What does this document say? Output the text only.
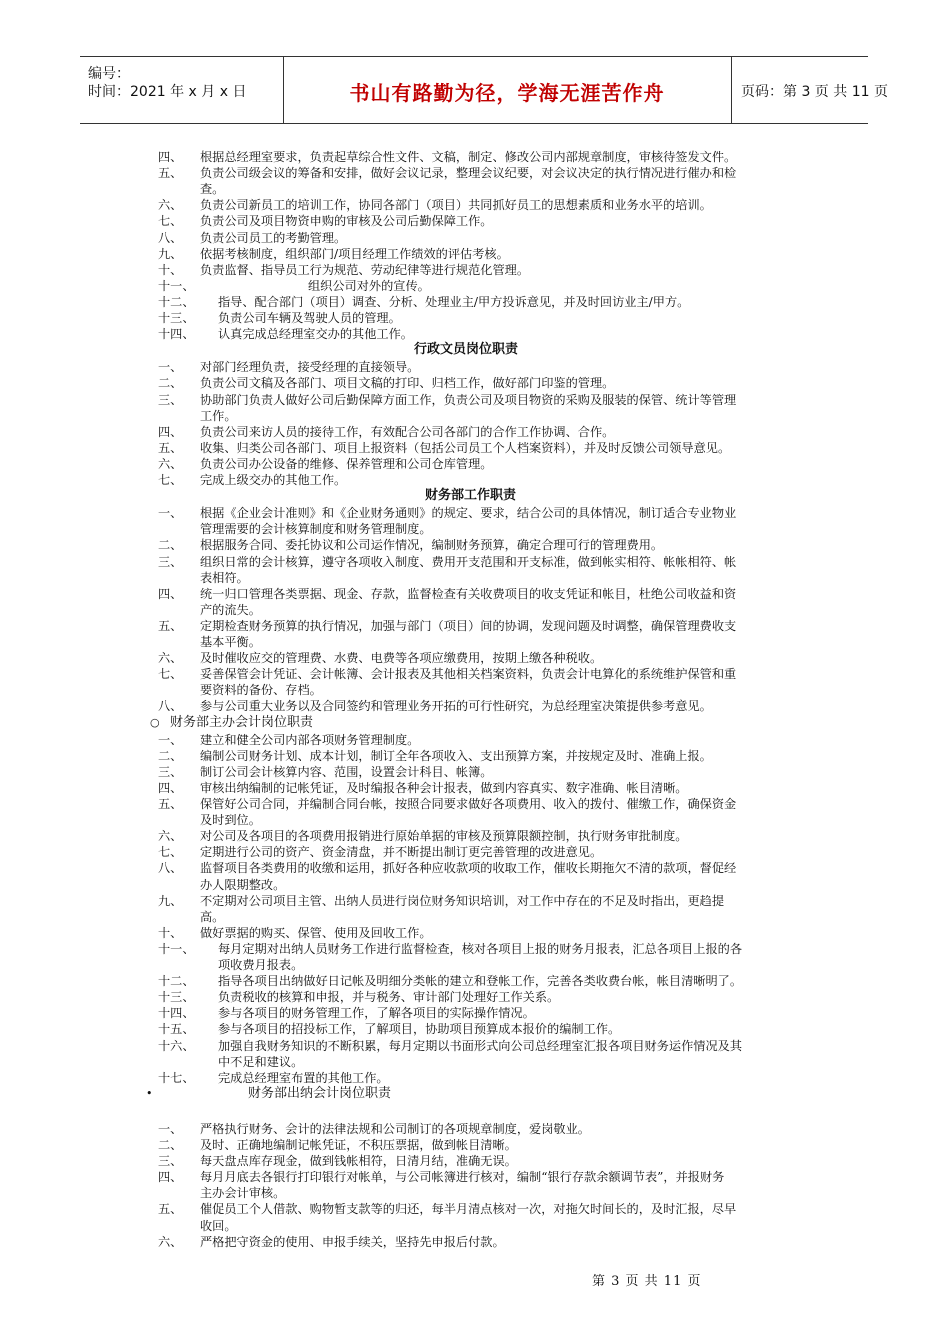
编号：
时间：2021 年 x 月 x 日	书山有路勤为径，学海无涯苦作舟	页码：第 3 页 共 11 页
四、 根据总经理室要求，负责起草综合性文件、文稿，制定、修改公司内部规章制度，审核待签发文件。
五、 负责公司级会议的筹备和安排，做好会议记录，整理会议纪要，对会议决定的执行情况进行催办和检
查。
六、 负责公司新员工的培训工作，协同各部门（项目）共同抓好员工的思想素质和业务水平的培训。
七、 负责公司及项目物资申购的审核及公司后勤保障工作。
八、 负责公司员工的考勤管理。
九、 依据考核制度，组织部门/项目经理工作绩效的评估考核。
十、 负责监督、指导员工行为规范、劳动纪律等进行规范化管理。
十一、	组织公司对外的宣传。
十二、 指导、配合部门（项目）调查、分析、处理业主/甲方投诉意见，并及时回访业主/甲方。
十三、 负责公司车辆及驾驶人员的管理。
十四、 认真完成总经理室交办的其他工作。
行政文员岗位职责
一、 对部门经理负责，接受经理的直接领导。
二、 负责公司文稿及各部门、项目文稿的打印、归档工作，做好部门印鉴的管理。
三、 协助部门负责人做好公司后勤保障方面工作，负责公司及项目物资的采购及服装的保管、统计等管理
工作。
四、 负责公司来访人员的接待工作，有效配合公司各部门的合作工作协调、合作。
五、 收集、归类公司各部门、项目上报资料（包括公司员工个人档案资料），并及时反馈公司领导意见。
六、 负责公司办公设备的维修、保养管理和公司仓库管理。
七、 完成上级交办的其他工作。
财务部工作职责
一、 根据《企业会计准则》和《企业财务通则》的规定、要求，结合公司的具体情况，制订适合专业物业
管理需要的会计核算制度和财务管理制度。
二、 根据服务合同、委托协议和公司运作情况，编制财务预算，确定合理可行的管理费用。
三、 组织日常的会计核算，遵守各项收入制度、费用开支范围和开支标准，做到帐实相符、帐帐相符、帐
表相符。
四、 统一归口管理各类票据、现金、存款，监督检查有关收费项目的收支凭证和帐目，杜绝公司收益和资
产的流失。
五、 定期检查财务预算的执行情况，加强与部门（项目）间的协调，发现问题及时调整，确保管理费收支
基本平衡。
六、 及时催收应交的管理费、水费、电费等各项应缴费用，按期上缴各种税收。
七、 妥善保管会计凭证、会计帐簿、会计报表及其他相关档案资料，负责会计电算化的系统维护保管和重
要资料的备份、存档。
八、 参与公司重大业务以及合同签约和管理业务开拓的可行性研究，为总经理室决策提供参考意见。
○ 财务部主办会计岗位职责
一、 建立和健全公司内部各项财务管理制度。
二、 编制公司财务计划、成本计划，制订全年各项收入、支出预算方案，并按规定及时、准确上报。
三、 制订公司会计核算内容、范围，设置会计科目、帐簿。
四、 审核出纳编制的记帐凭证，及时编报各种会计报表，做到内容真实、数字准确、帐目清晰。
五、 保管好公司合同，并编制合同台帐，按照合同要求做好各项费用、收入的拨付、催缴工作，确保资金
及时到位。
六、 对公司及各项目的各项费用报销进行原始单据的审核及预算限额控制，执行财务审批制度。
七、 定期进行公司的资产、资金清盘，并不断提出制订更完善管理的改进意见。
八、 监督项目各类费用的收缴和运用，抓好各种应收款项的收取工作，催收长期拖欠不清的款项，督促经
办人限期整改。
九、 不定期对公司项目主管、出纳人员进行岗位财务知识培训，对工作中存在的不足及时指出，更趋提
高。
十、 做好票据的购买、保管、使用及回收工作。
十一、 每月定期对出纳人员财务工作进行监督检查，核对各项目上报的财务月报表，汇总各项目上报的各
项收费月报表。
十二、 指导各项目出纳做好日记帐及明细分类帐的建立和登帐工作，完善各类收费台帐，帐目清晰明了。
十三、 负责税收的核算和申报，并与税务、审计部门处理好工作关系。
十四、 参与各项目的财务管理工作，了解各项目的实际操作情况。
十五、 参与各项目的招投标工作，了解项目，协助项目预算成本报价的编制工作。
十六、 加强自我财务知识的不断积累，每月定期以书面形式向公司总经理室汇报各项目财务运作情况及其
中不足和建议。
十七、 完成总经理室布置的其他工作。
•	财务部出纳会计岗位职责
一、 严格执行财务、会计的法律法规和公司制订的各项规章制度，爱岗敬业。
二、 及时、正确地编制记帐凭证，不积压票据，做到帐目清晰。
三、 每天盘点库存现金，做到钱帐相符，日清月结，准确无误。
四、 每月月底去各银行打印银行对帐单，与公司帐簿进行核对，编制“银行存款余额调节表”，并报财务
主办会计审核。
五、 催促员工个人借款、购物暂支款等的归还，每半月清点核对一次，对拖欠时间长的，及时汇报，尽早
收回。
六、 严格把守资金的使用、申报手续关，坚持先申报后付款。
第 3 页 共 11 页
